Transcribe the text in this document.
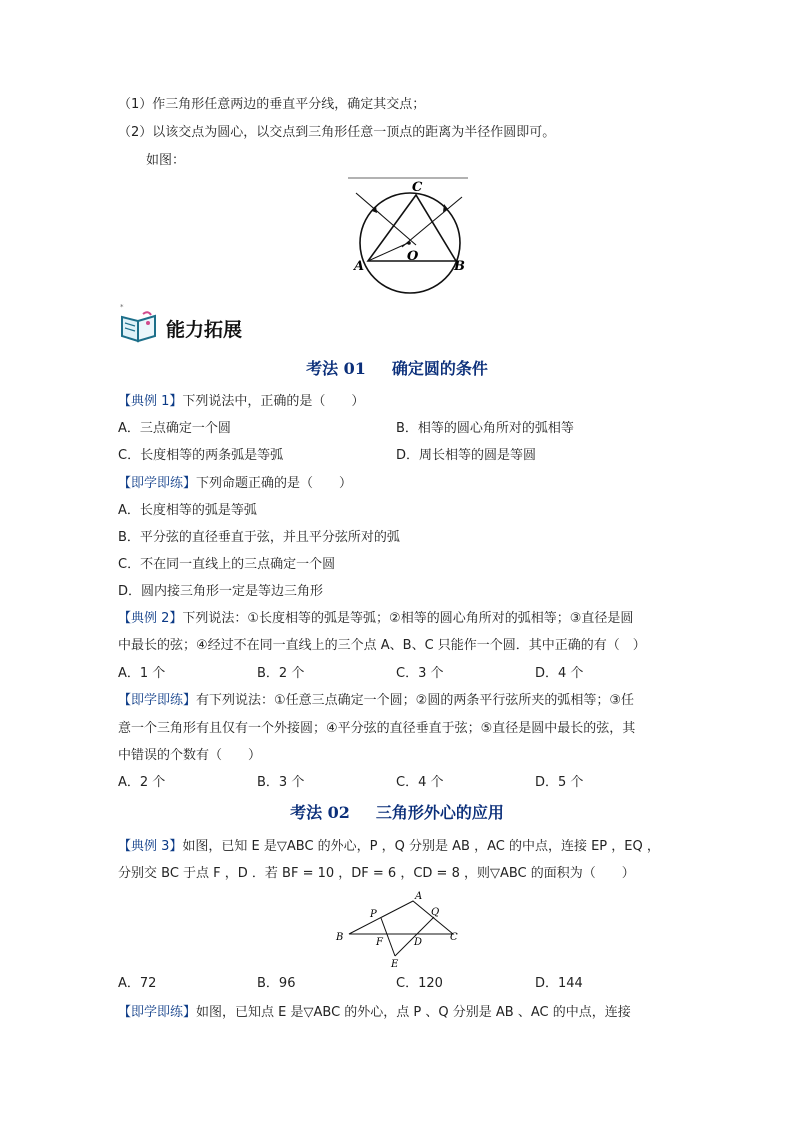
（1）作三角形任意两边的垂直平分线，确定其交点；
（2）以该交点为圆心，以交点到三角形任意一顶点的距离为半径作圆即可。
如图：
C
O
A	B
*
能力拓展
考法 01 确定圆的条件
【典例 1】下列说法中，正确的是（　　）
A．三点确定一个圆	B．相等的圆心角所对的弧相等
C．长度相等的两条弧是等弧	D．周长相等的圆是等圆
【即学即练】下列命题正确的是（　　）
A．长度相等的弧是等弧
B．平分弦的直径垂直于弦，并且平分弦所对的弧
C．不在同一直线上的三点确定一个圆
D．圆内接三角形一定是等边三角形
【典例 2】下列说法：①长度相等的弧是等弧；②相等的圆心角所对的弧相等；③直径是圆
中最长的弦；④经过不在同一直线上的三个点 A、B、C 只能作一个圆．其中正确的有（　）
A．1 个	B．2 个	C．3 个	D．4 个
【即学即练】有下列说法：①任意三点确定一个圆；②圆的两条平行弦所夹的弧相等；③任
意一个三角形有且仅有一个外接圆；④平分弦的直径垂直于弦；⑤直径是圆中最长的弦，其
中错误的个数有（　　）
A．2 个	B．3 个	C．4 个	D．5 个
考法 02 三角形外心的应用
【典例 3】如图，已知 E 是▽ABC 的外心，P ，Q 分别是 AB ，AC 的中点，连接 EP ，EQ ，
分别交 BC 于点 F ，D ．若 BF = 10 ，DF = 6 ，CD = 8 ，则▽ABC 的面积为（　　）
A
P	Q
B	F	D	C
E
A．72	B．96	C．120	D．144
【即学即练】如图，已知点 E 是▽ABC 的外心，点 P 、Q 分别是 AB 、AC 的中点，连接
